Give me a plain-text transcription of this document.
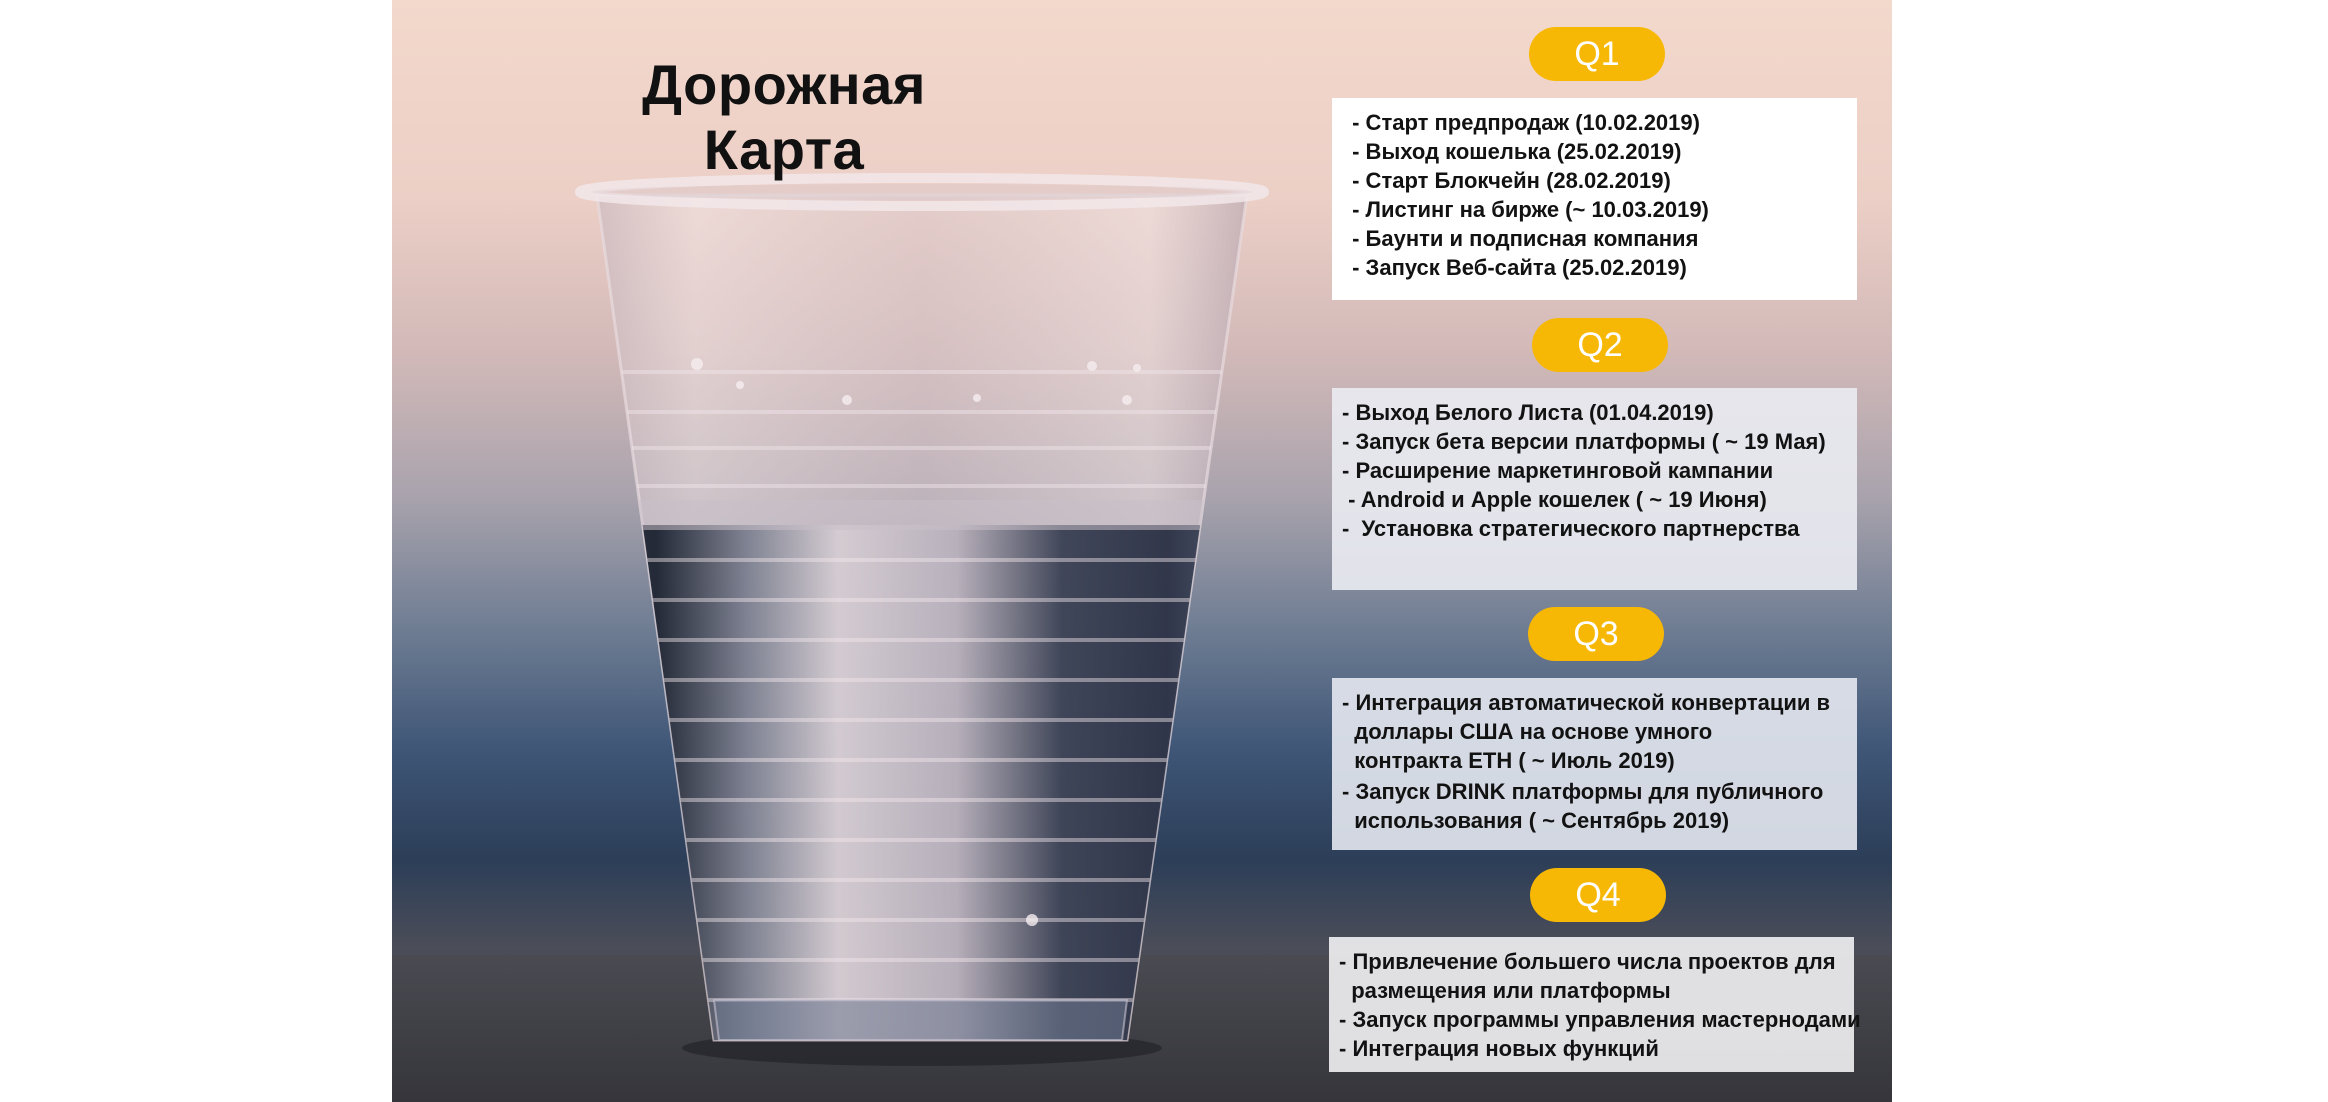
Дорожная Карта
Q1
- Старт предпродаж (10.02.2019)
- Выход кошелька (25.02.2019)
- Старт Блокчейн (28.02.2019)
- Листинг на бирже (~ 10.03.2019)
- Баунти и подписная компания
- Запуск Веб-сайта (25.02.2019)
Q2
- Выход Белого Листа (01.04.2019)
- Запуск бета версии платформы ( ~ 19 Мая)
- Расширение маркетинговой кампании
- Android и Apple кошелек ( ~ 19 Июня)
-  Установка стратегического партнерства
Q3
- Интеграция автоматической конвертации в
доллары США на основе умного
контракта ETH ( ~ Июль 2019)
- Запуск DRINK платформы для публичного
использования ( ~ Сентябрь 2019)
Q4
- Привлечение большего числа проектов для
размещения или платформы
- Запуск программы управления мастернодами
- Интеграция новых функций
